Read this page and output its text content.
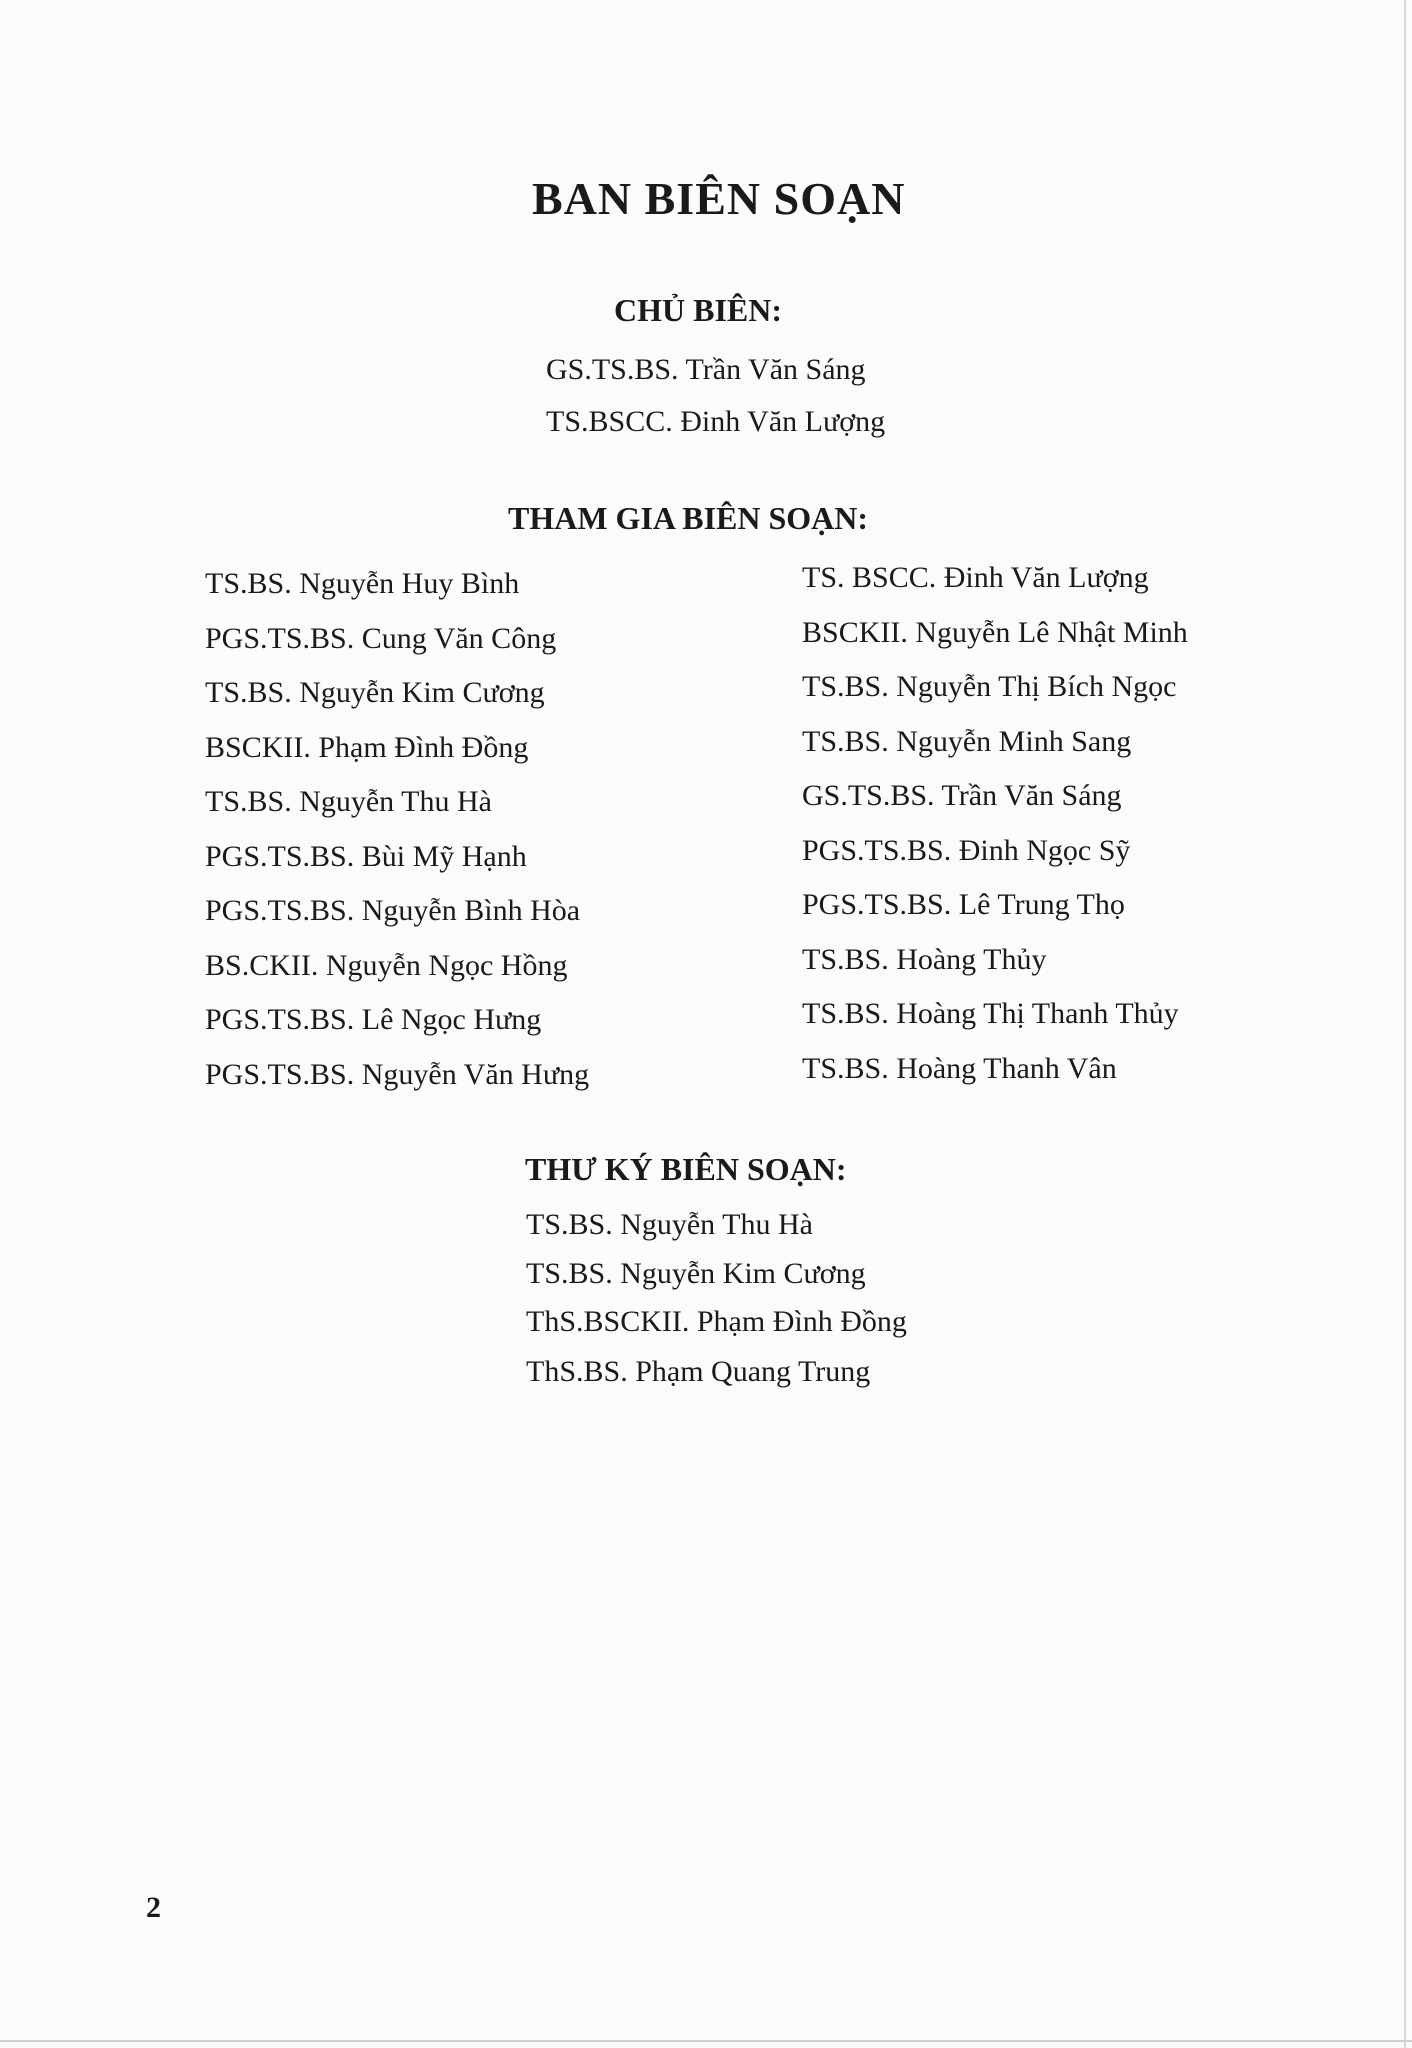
BAN BIÊN SOẠN
CHỦ BIÊN:
GS.TS.BS. Trần Văn Sáng
TS.BSCC. Đinh Văn Lượng
THAM GIA BIÊN SOẠN:
TS.BS. Nguyễn Huy Bình
PGS.TS.BS. Cung Văn Công
TS.BS. Nguyễn Kim Cương
BSCKII. Phạm Đình Đồng
TS.BS. Nguyễn Thu Hà
PGS.TS.BS. Bùi Mỹ Hạnh
PGS.TS.BS. Nguyễn Bình Hòa
BS.CKII. Nguyễn Ngọc Hồng
PGS.TS.BS. Lê Ngọc Hưng
PGS.TS.BS. Nguyễn Văn Hưng
TS. BSCC. Đinh Văn Lượng
BSCKII. Nguyễn Lê Nhật Minh
TS.BS. Nguyễn Thị Bích Ngọc
TS.BS. Nguyễn Minh Sang
GS.TS.BS. Trần Văn Sáng
PGS.TS.BS. Đinh Ngọc Sỹ
PGS.TS.BS. Lê Trung Thọ
TS.BS. Hoàng Thủy
TS.BS. Hoàng Thị Thanh Thủy
TS.BS. Hoàng Thanh Vân
THƯ KÝ BIÊN SOẠN:
TS.BS. Nguyễn Thu Hà
TS.BS. Nguyễn Kim Cương
ThS.BSCKII. Phạm Đình Đồng
ThS.BS. Phạm Quang Trung
2
